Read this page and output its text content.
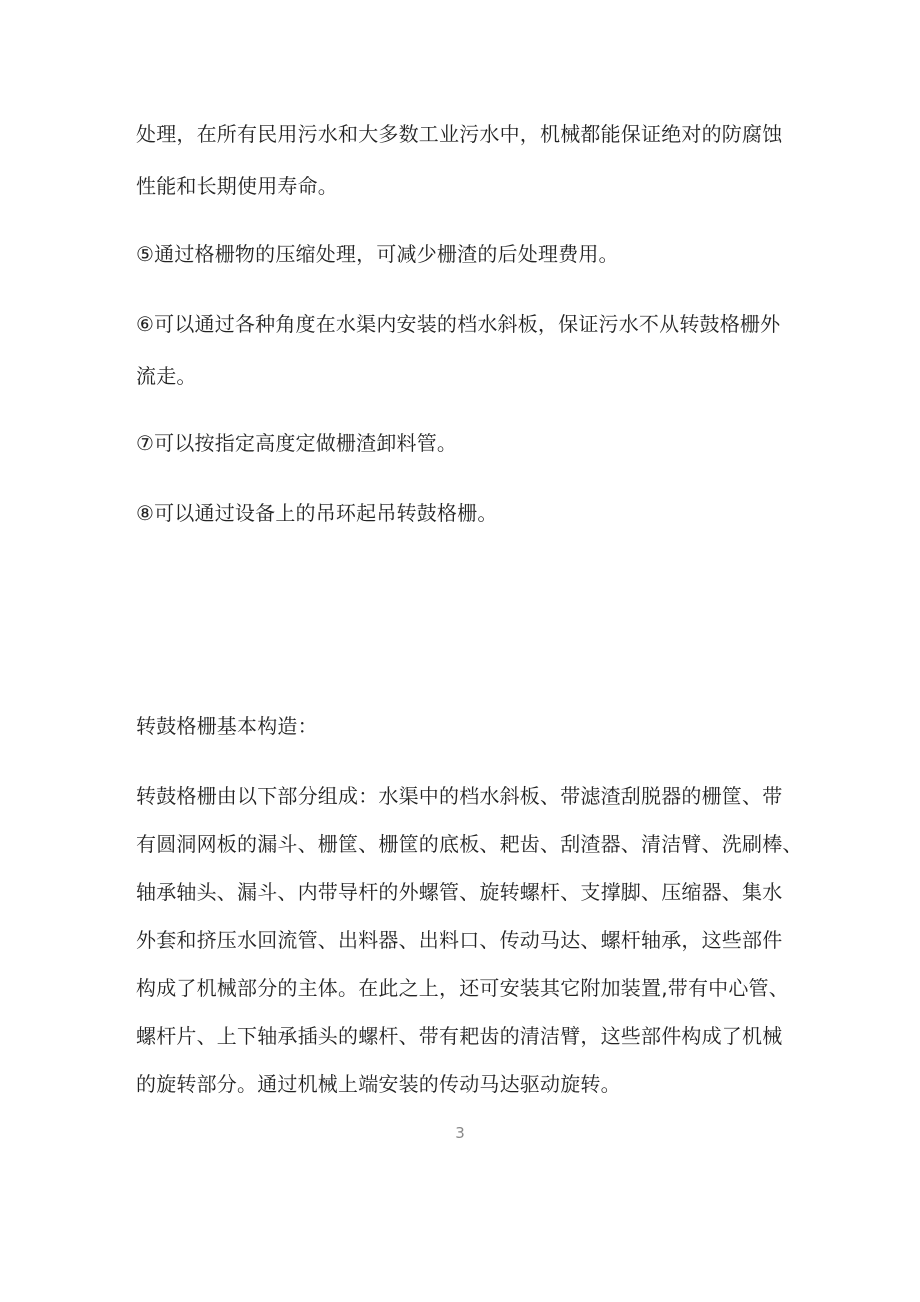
处理，在所有民用污水和大多数工业污水中，机械都能保证绝对的防腐蚀
性能和长期使用寿命。
⑤通过格栅物的压缩处理，可减少栅渣的后处理费用。
⑥可以通过各种角度在水渠内安装的档水斜板，保证污水不从转鼓格栅外
流走。
⑦可以按指定高度定做栅渣卸料管。
⑧可以通过设备上的吊环起吊转鼓格栅。
转鼓格栅基本构造：
转鼓格栅由以下部分组成：水渠中的档水斜板、带滤渣刮脱器的栅筐、带
有圆洞网板的漏斗、栅筐、栅筐的底板、耙齿、刮渣器、清洁臂、洗刷棒、
轴承轴头、漏斗、内带导杆的外螺管、旋转螺杆、支撑脚、压缩器、集水
外套和挤压水回流管、出料器、出料口、传动马达、螺杆轴承，这些部件
构成了机械部分的主体。在此之上，还可安装其它附加装置,带有中心管、
螺杆片、上下轴承插头的螺杆、带有耙齿的清洁臂，这些部件构成了机械
的旋转部分。通过机械上端安装的传动马达驱动旋转。
3
